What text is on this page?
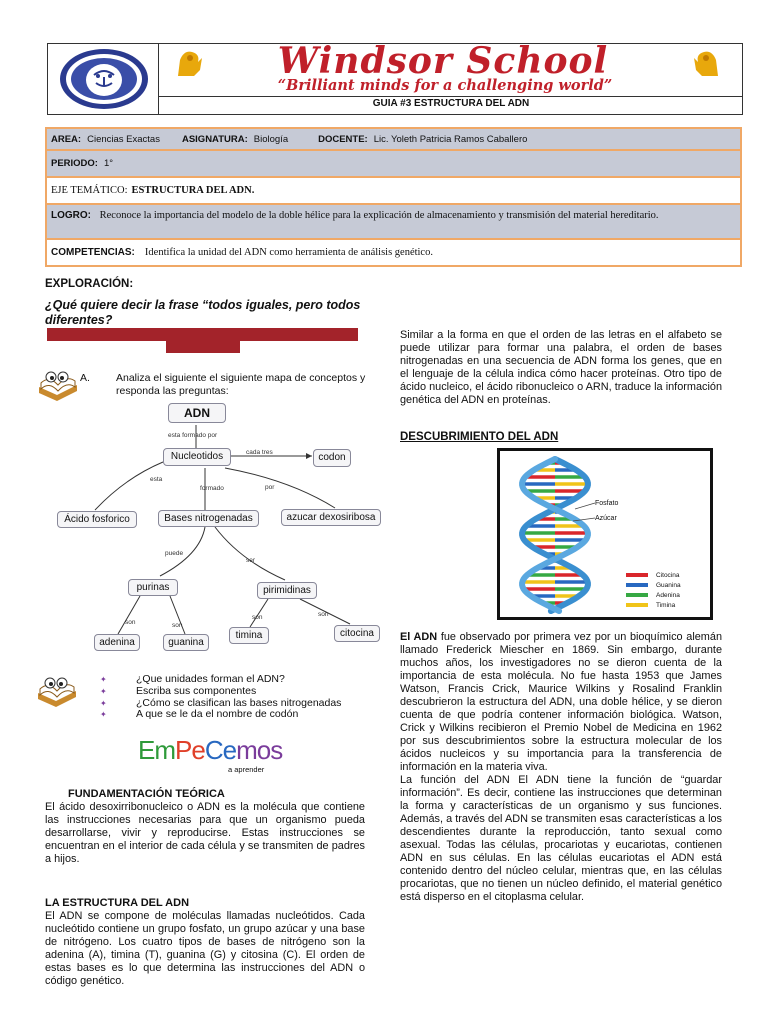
Windsor School
“Brilliant minds for a challenging world”
GUIA #3 ESTRUCTURA DEL ADN
AREA: Ciencias Exactas ASIGNATURA: Biología	DOCENTE: Lic. Yoleth Patricia Ramos Caballero
PERIODO: 1°
EJE TEMÁTICO: ESTRUCTURA DEL ADN.
LOGRO: Reconoce la importancia del modelo de la doble hélice para la explicación de almacenamiento y transmisión del material hereditario.
COMPETENCIAS: Identifica la unidad del ADN como herramienta de análisis genético.
EXPLORACIÓN:
¿Qué quiere decir la frase “todos iguales, pero todos diferentes?
A. Analiza el siguiente el siguiente mapa de conceptos y responda las preguntas:
ADN
esta formado por
Nucleotidos	cada tres	codon
esta
formado	por
Ácido fosforico	Bases nitrogenadas	azucar dexosiribosa
puede
ser
purinas	pirimidinas
son	son
son	son
adenina	guanina
timina	citocina
✦	¿Que unidades forman el ADN?
✦	Escriba sus componentes
✦	¿Cómo se clasifican las bases nitrogenadas
✦	A que se le da el nombre de codón
EmPeCemos
a aprender
FUNDAMENTACIÓN TEÓRICA
El ácido desoxirribonucleico o ADN es la molécula que contiene las instrucciones necesarias para que un organismo pueda desarrollarse, vivir y reproducirse. Estas instrucciones se encuentran en el interior de cada célula y se transmiten de padres a hijos.
LA ESTRUCTURA DEL ADN
El ADN se compone de moléculas llamadas nucleótidos. Cada nucleótido contiene un grupo fosfato, un grupo azúcar y una base de nitrógeno. Los cuatro tipos de bases de nitrógeno son la adenina (A), timina (T), guanina (G) y citosina (C). El orden de estas bases es lo que determina las instrucciones del ADN o código genético.
Similar a la forma en que el orden de las letras en el alfabeto se puede utilizar para formar una palabra, el orden de bases nitrogenadas en una secuencia de ADN forma los genes, que en el lenguaje de la célula indica cómo hacer proteínas. Otro tipo de ácido nucleico, el ácido ribonucleico o ARN, traduce la información genética del ADN en proteínas.
DESCUBRIMIENTO DEL ADN
Fosfato
Azúcar
Citocina
Guanina
Adenina
Timina
El ADN fue observado por primera vez por un bioquímico alemán llamado Frederick Miescher en 1869. Sin embargo, durante muchos años, los investigadores no se dieron cuenta de la importancia de esta molécula. No fue hasta 1953 que James Watson, Francis Crick, Maurice Wilkins y Rosalind Franklin descubrieron la estructura del ADN, una doble hélice, y se dieron cuenta de que podría contener información biológica. Watson, Crick y Wilkins recibieron el Premio Nobel de Medicina en 1962 por sus descubrimientos sobre la estructura molecular de los ácidos nucleicos y su importancia para la transferencia de información en la materia viva.
La función del ADN El ADN tiene la función de “guardar información”. Es decir, contiene las instrucciones que determinan la forma y características de un organismo y sus funciones. Además, a través del ADN se transmiten esas características a los descendientes durante la reproducción, tanto sexual como asexual. Todas las células, procariotas y eucariotas, contienen ADN en sus células. En las células eucariotas el ADN está contenido dentro del núcleo celular, mientras que, en las células procariotas, que no tienen un núcleo definido, el material genético está disperso en el citoplasma celular.
